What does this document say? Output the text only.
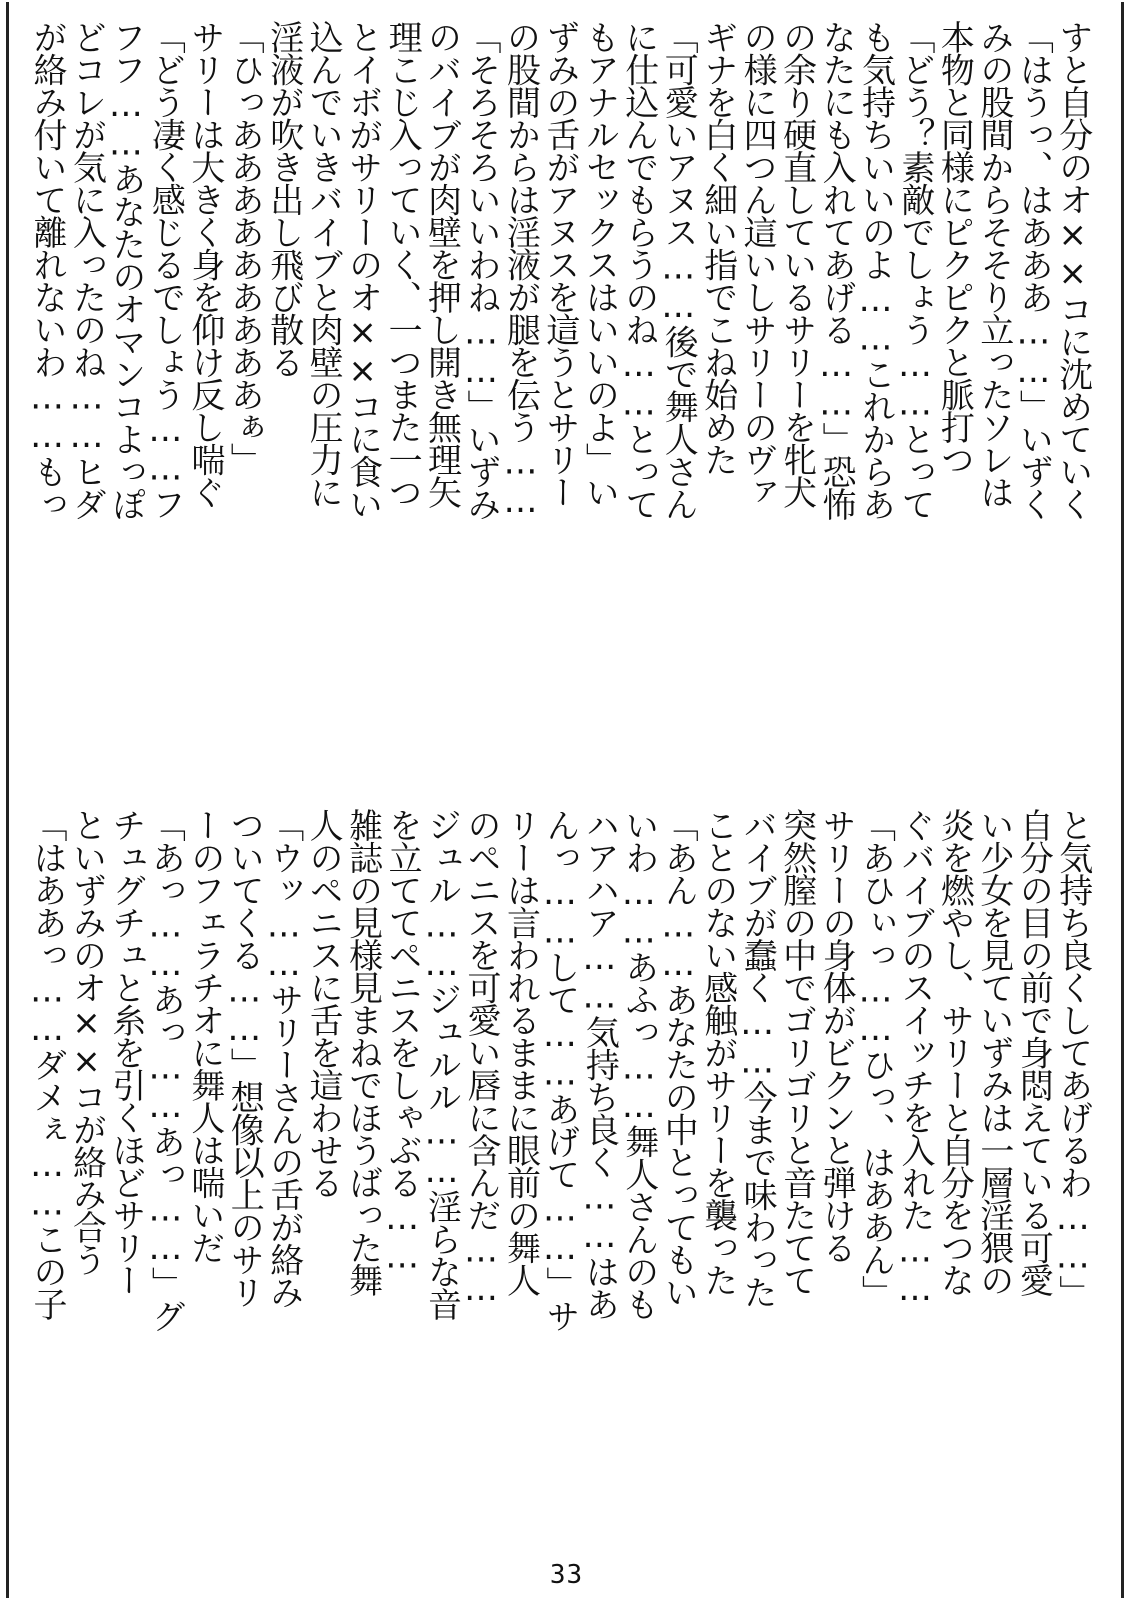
すと自分のオ××コに沈めていく
「はうっ、はあああ……」いずく
みの股間からそそり立ったソレは
本物と同様にピクピクと脈打つ
「どう？素敵でしょう……とって
も気持ちいいのよ……これからあ
なたにも入れてあげる……」恐怖
の余り硬直しているサリーを牝犬
の様に四つん這いしサリーのヴァ
ギナを白く細い指でこね始めた
「可愛いアヌス……後で舞人さん
に仕込んでもらうのね……とって
もアナルセックスはいいのよ」い
ずみの舌がアヌスを這うとサリー
の股間からは淫液が腿を伝う……
「そろそろいいわね……」いずみ
のバイブが肉壁を押し開き無理矢
理こじ入っていく、一つまた一つ
とイボがサリーのオ××コに食い
込んでいきバイブと肉壁の圧力に
淫液が吹き出し飛び散る
「ひっあああああああああぁ」
サリーは大きく身を仰け反し喘ぐ
「どう凄く感じるでしょう……フ
フフ……あなたのオマンコよっぽ
どコレが気に入ったのね……ヒダ
が絡み付いて離れないわ……もっ
と気持ち良くしてあげるわ……」
自分の目の前で身悶えている可愛
い少女を見ていずみは一層淫猥の
炎を燃やし、サリーと自分をつな
ぐバイブのスイッチを入れた……
「あひぃっ……ひっ、はああん」
サリーの身体がビクンと弾ける
突然膣の中でゴリゴリと音たてて
バイブが蠢く……今まで味わった
ことのない感触がサリーを襲った
「あん……あなたの中とってもい
いわ……あふっ……舞人さんのも
ハアハア……気持ち良く……はあ
んっ……して……あげて……」サ
リーは言われるままに眼前の舞人
のペニスを可愛い唇に含んだ……
ジュル……ジュルル……淫らな音
を立ててペニスをしゃぶる……
雑誌の見様見まねでほうばった舞
人のペニスに舌を這わせる
「ウッ……サリーさんの舌が絡み
ついてくる……」想像以上のサリ
ーのフェラチオに舞人は喘いだ
「あっ……あっ……あっ……」グ
チュグチュと糸を引くほどサリー
といずみのオ××コが絡み合う
「はああっ……ダメぇ……この子
33
